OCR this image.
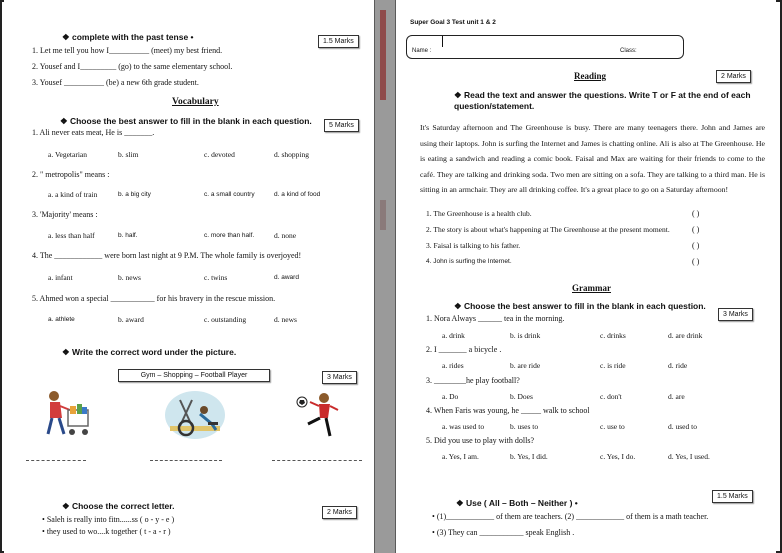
❖ complete with the past tense •	1.5 Marks
1. Let me tell you how I__________ (meet) my best friend.
2. Yousef and I_________ (go) to the same elementary school.
3. Yousef __________ (be) a new 6th grade student.
Vocabulary
❖ Choose the best answer to fill in the blank in each question.	5 Marks
1. Ali never eats meat, He is _______.
a. Vegetarian	b. slim	c. devoted	d. shopping
2. " metropolis" means :
a. a kind of train	b. a big city	c. a small country	d. a kind of food
3. 'Majority' means :
a. less than half	b. half.	c. more than half.	d. none
4. The ____________ were born last night at 9 P.M. The whole family is overjoyed!
a. infant	b. news	c. twins	d. award
5. Ahmed won a special ___________ for his bravery in the rescue mission.
a. athlete	b. award	c. outstanding	d. news
❖ Write the correct word under the picture.
Gym – Shopping – Football Player	3 Marks
❖ Choose the correct letter.
2 Marks
• Saleh is really into fitn......ss ( o - y - e )
• they used to wo....k together ( t - a - r )
Super Goal 3 Test unit 1 & 2
Name :	Class:
Reading	2 Marks
❖ Read the text and answer the questions. Write T or F at the end of each question/statement.
It's Saturday afternoon and The Greenhouse is busy. There are many teenagers there. John and James are using their laptops. John is surfing the Internet and James is chatting online. Ali is also at The Greenhouse. He is eating a sandwich and reading a comic book. Faisal and Max are waiting for their friends to come to the café. They are talking and drinking soda. Two men are sitting on a sofa. They are talking to a third man. He is sitting in an armchair. They are all drinking coffee. It's a great place to go on a Saturday afternoon!
1. The Greenhouse is a health club.	( )
2. The story is about what's happening at The Greenhouse at the present moment.	( )
3. Faisal is talking to his father.	( )
4. John is surfing the Internet.	( )
Grammar
❖ Choose the best answer to fill in the blank in each question.
3 Marks
1. Nora Always ______ tea in the morning.
a. drink	b. is drink	c. drinks	d. are drink
2. I _______ a bicycle .
a. rides	b. are ride	c. is ride	d. ride
3. ________he play football?
a. Do	b. Does	c. don't	d. are
4. When Faris was young, he _____ walk to school
a. was used to	b. uses to	c. use to	d. used to
5. Did you use to play with dolls?
a. Yes, I am.	b. Yes, I did.	c. Yes, I do.	d. Yes, I used.
1.5 Marks
❖ Use ( All – Both – Neither ) •
• (1)____________ of them are teachers. (2) ____________ of them is a math teacher.
• (3) They can ___________ speak English .
